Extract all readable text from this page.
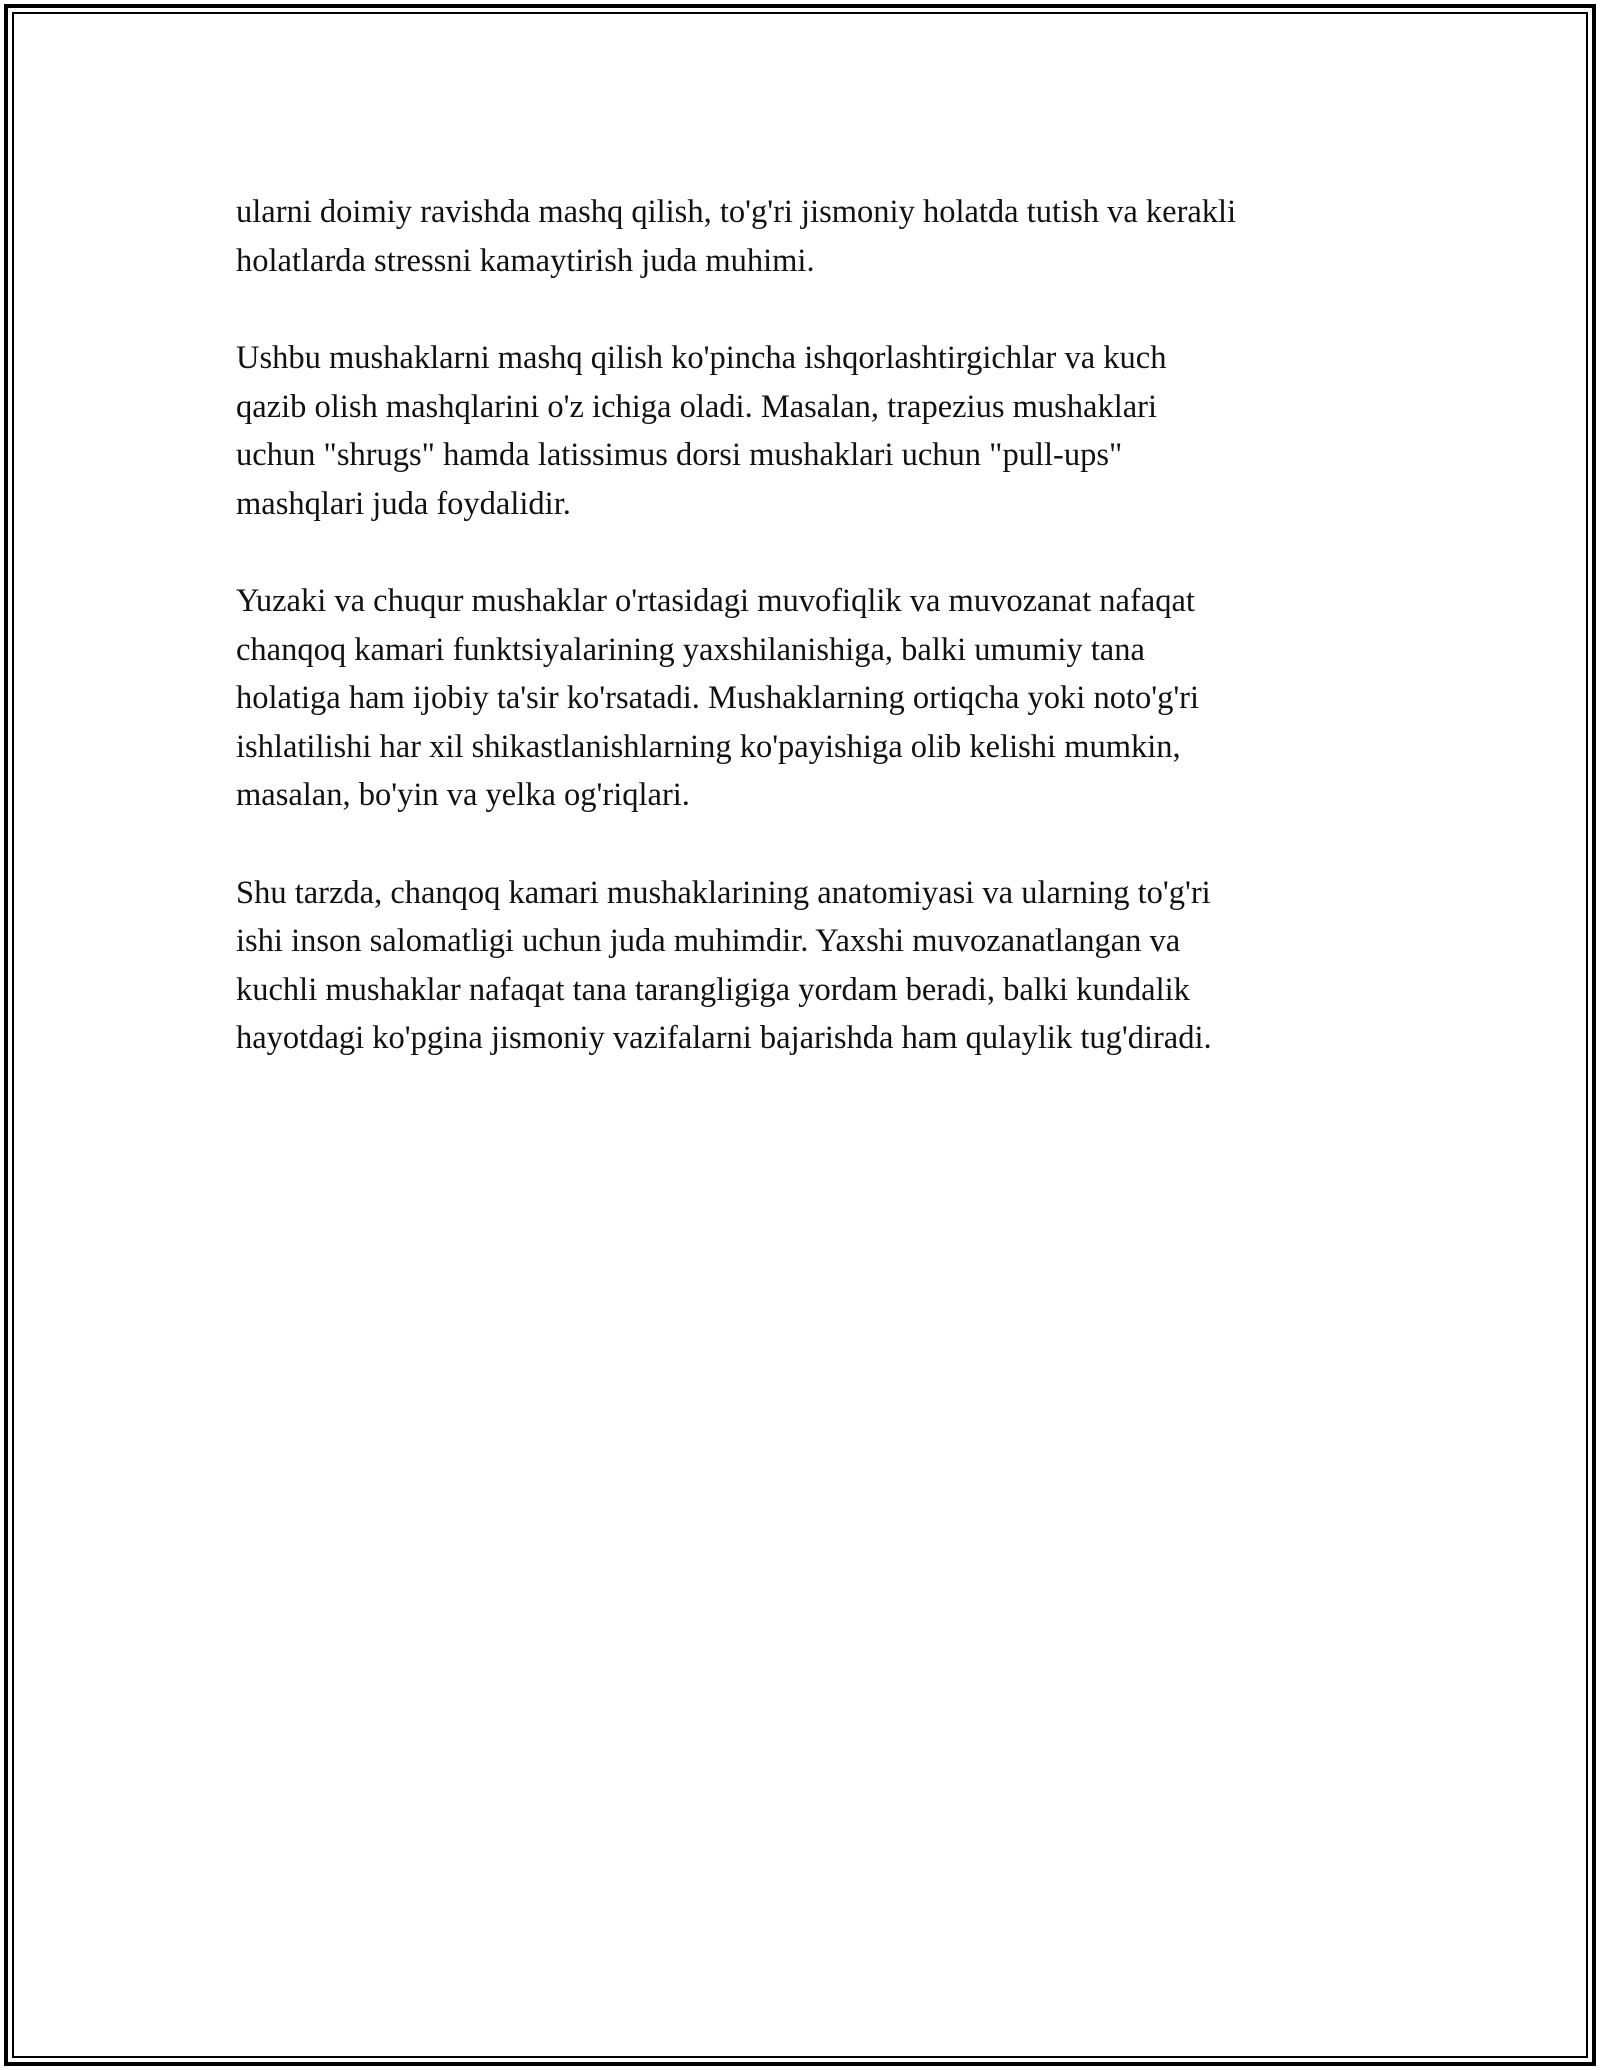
ularni doimiy ravishda mashq qilish, to'g'ri jismoniy holatda tutish va kerakli
holatlarda stressni kamaytirish juda muhimi.

Ushbu mushaklarni mashq qilish ko'pincha ishqorlashtirgichlar va kuch
qazib olish mashqlarini o'z ichiga oladi. Masalan, trapezius mushaklari
uchun "shrugs" hamda latissimus dorsi mushaklari uchun "pull-ups"
mashqlari juda foydalidir.

Yuzaki va chuqur mushaklar o'rtasidagi muvofiqlik va muvozanat nafaqat
chanqoq kamari funktsiyalarining yaxshilanishiga, balki umumiy tana
holatiga ham ijobiy ta'sir ko'rsatadi. Mushaklarning ortiqcha yoki noto'g'ri
ishlatilishi har xil shikastlanishlarning ko'payishiga olib kelishi mumkin,
masalan, bo'yin va yelka og'riqlari.

Shu tarzda, chanqoq kamari mushaklarining anatomiyasi va ularning to'g'ri
ishi inson salomatligi uchun juda muhimdir. Yaxshi muvozanatlangan va
kuchli mushaklar nafaqat tana tarangligiga yordam beradi, balki kundalik
hayotdagi ko'pgina jismoniy vazifalarni bajarishda ham qulaylik tug'diradi.
